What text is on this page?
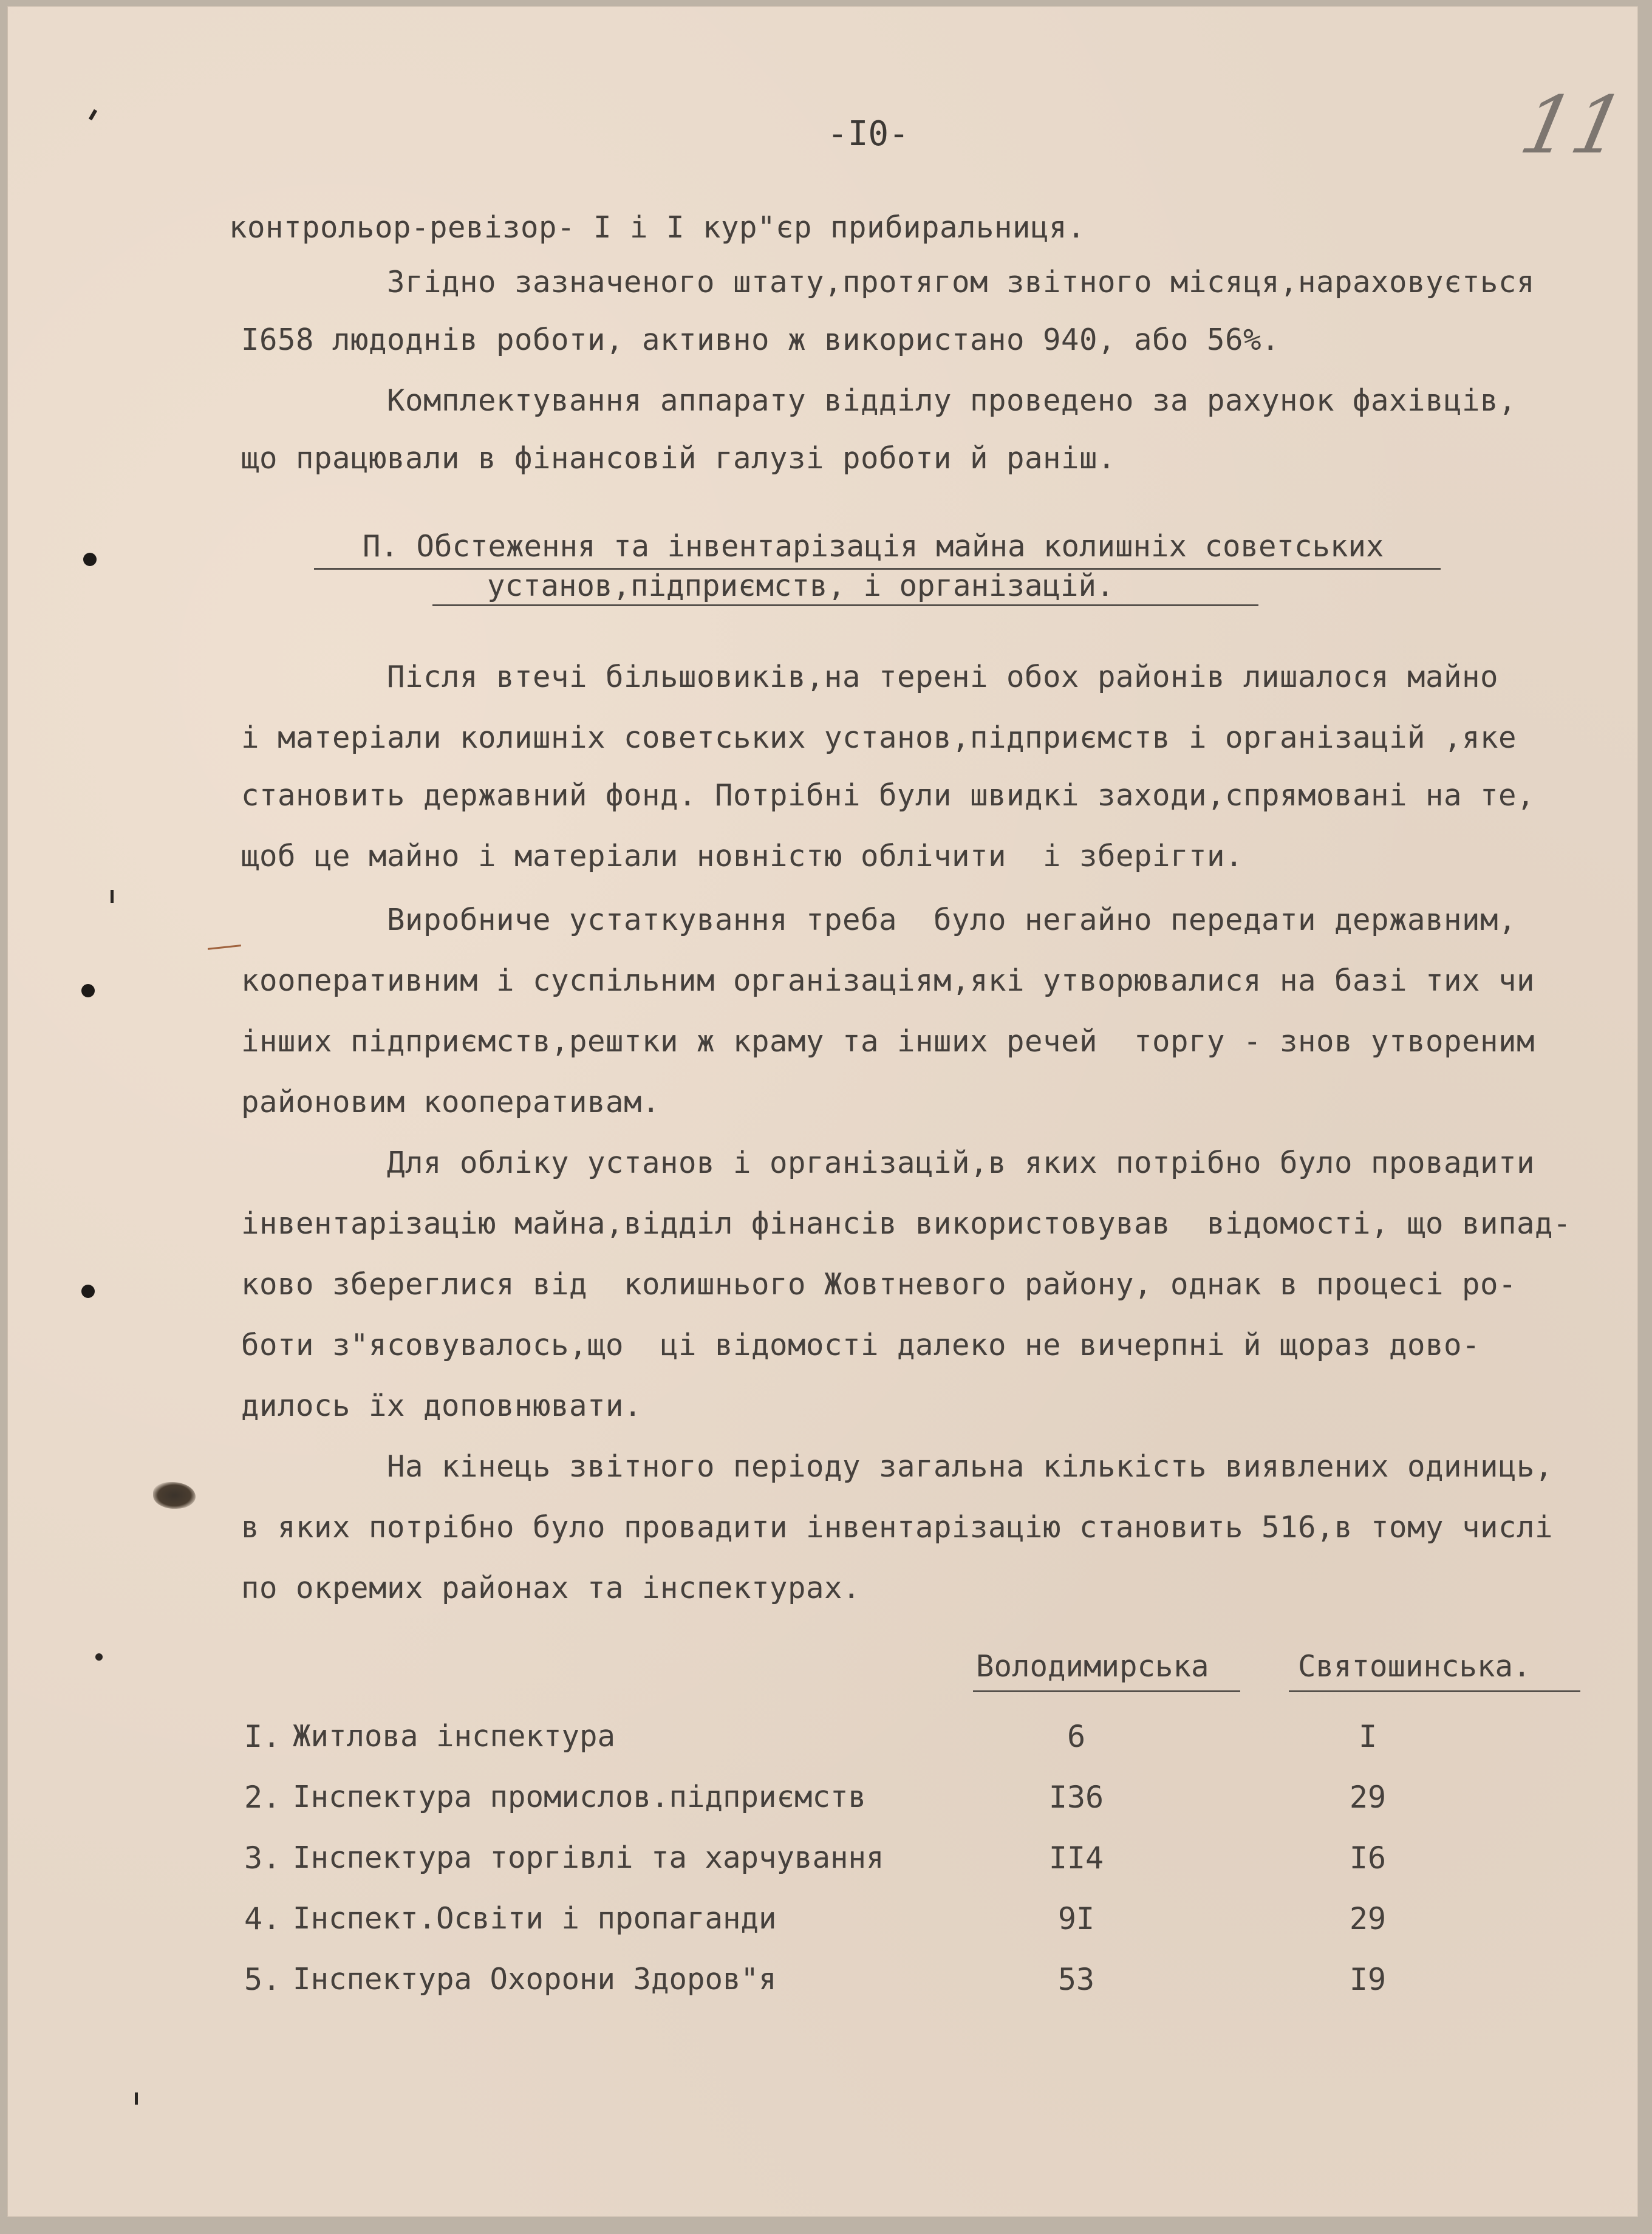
-I0-	11
контрольор-ревізор- I і I кур"єр прибиральниця.
Згідно зазначеного штату,протягом звітного місяця,нараховується
I658 людоднів роботи, активно ж використано 940, або 56%.
Комплектування аппарату відділу проведено за рахунок фахівців,
що працювали в фінансовій галузі роботи й раніш.
П. Обстеження та інвентарізація майна колишніх советських
установ,підприємств, і організацій.
Після втечі більшовиків,на терені обох районів лишалося майно
і матеріали колишніх советських установ,підприємств і організацій ,яке
становить державний фонд. Потрібні були швидкі заходи,спрямовані на те,
щоб це майно і матеріали новністю облічити  і зберігти.
Виробниче устаткування треба  було негайно передати державним,
кооперативним і суспільним організаціям,які утворювалися на базі тих чи
інших підприємств,рештки ж краму та інших речей  торгу - знов утвореним
районовим кооперативам.
Для обліку установ і організацій,в яких потрібно було провадити
інвентарізацію майна,відділ фінансів використовував  відомості, що випад-
ково збереглися від  колишнього Жовтневого району, однак в процесі ро-
боти з"ясовувалось,що  ці відомості далеко не вичерпні й щораз дово-
дилось їх доповнювати.
На кінець звітного періоду загальна кількість виявлених одиниць,
в яких потрібно було провадити інвентарізацію становить 516,в тому числі
по окремих районах та інспектурах.
Володимирська	Святошинська.
I. Житлова інспектура	6	I
2. Інспектура промислов.підприємств	I36	29
3. Інспектура торгівлі та харчування	II4	I6
4. Інспект.Освіти і пропаганди	9I	29
5. Інспектура Охорони Здоров"я	53	I9
